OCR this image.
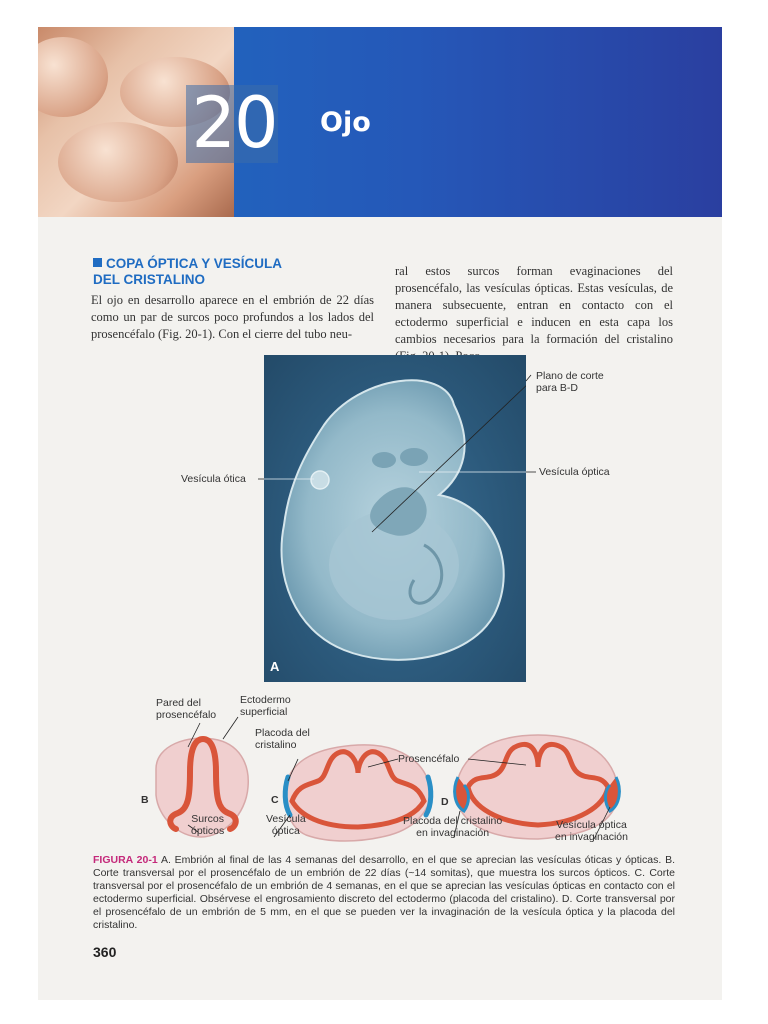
20 Ojo
COPA ÓPTICA Y VESÍCULA
DEL CRISTALINO
El ojo en desarrollo aparece en el embrión de 22 días como un par de surcos poco profundos a los lados del prosencéfalo (Fig. 20-1). Con el cierre del tubo neu-
ral estos surcos forman evaginaciones del prosencéfalo, las vesículas ópticas. Estas vesículas, de manera subsecuente, entran en contacto con el ectodermo superficial e inducen en esta capa los cambios necesarios para la formación del cristalino
A
Plano de corte
para B-D
Vesícula óptica
Vesícula ótica
Pared del
prosencéfalo
Ectodermo
superficial
Placoda del
cristalino
Prosencéfalo
B	C	D
Surcos
ópticos
Vesícula
óptica
Placoda del cristalino
en invaginación
Vesícula óptica
en invaginación
FIGURA 20-1 A. Embrión al final de las 4 semanas del desarrollo, en el que se aprecian las vesículas óticas y ópticas. B. Corte transversal por el prosencéfalo de un embrión de 22 días (~14 somitas), que muestra los surcos ópticos. C. Corte transversal por el prosencéfalo de un embrión de 4 semanas, en el que se aprecian las vesículas ópticas en contacto con el ectodermo superficial. Obsérvese el engrosamiento discreto del ectodermo (placoda del cristalino). D. Corte transversal por el prosencéfalo de un embrión de 5 mm, en el que se pueden ver la invaginación de la vesícula óptica y la placoda del cristalino.
360
